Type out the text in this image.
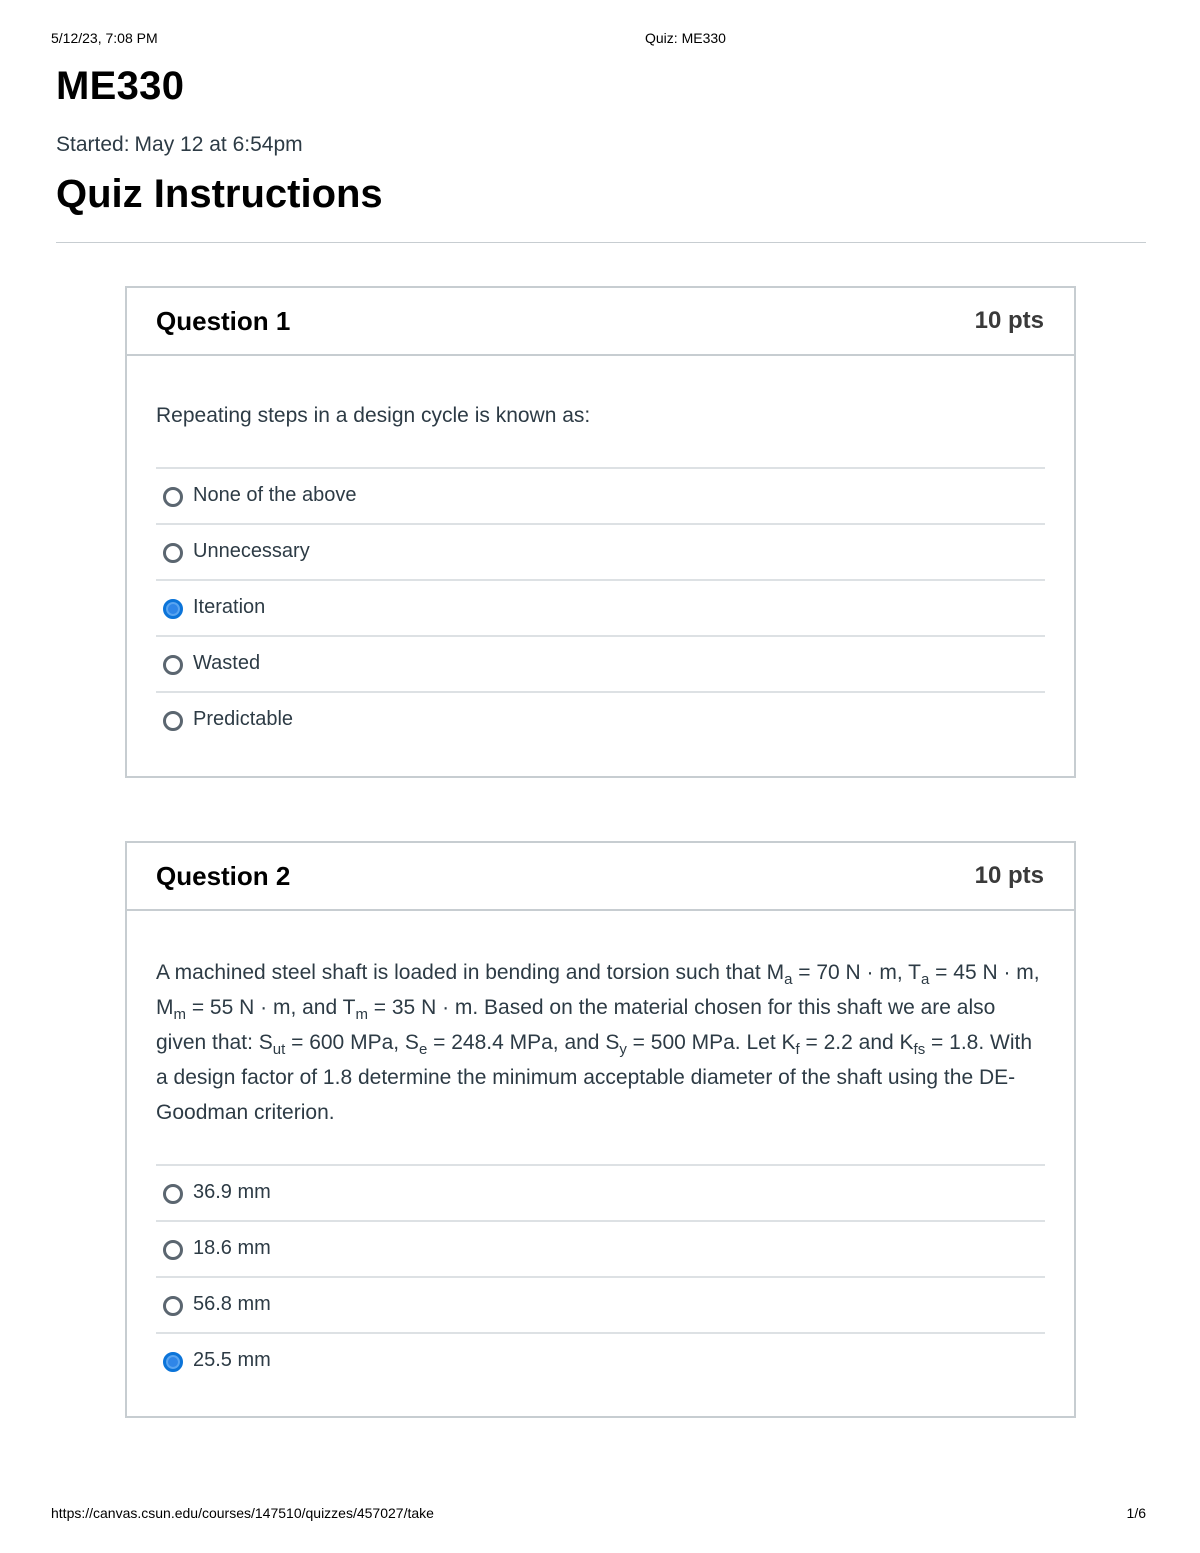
5/12/23, 7:08 PM	Quiz: ME330
ME330
Started: May 12 at 6:54pm
Quiz Instructions
Question 1	10 pts
Repeating steps in a design cycle is known as:
None of the above
Unnecessary
Iteration
Wasted
Predictable
Question 2	10 pts
A machined steel shaft is loaded in bending and torsion such that $M_a = 70$ N · m, $T_a = 45$ N · m, $M_m = 55$ N · m, and $T_m = 35$ N · m. Based on the material chosen for this shaft we are also given that: $S_{ut} = 600$ MPa, $S_e = 248.4$ MPa, and $S_y = 500$ MPa. Let $K_f = 2.2$ and $K_{fs} = 1.8$. With a design factor of 1.8 determine the minimum acceptable diameter of the shaft using the DE-Goodman criterion.
36.9 mm
18.6 mm
56.8 mm
25.5 mm
https://canvas.csun.edu/courses/147510/quizzes/457027/take	1/6
